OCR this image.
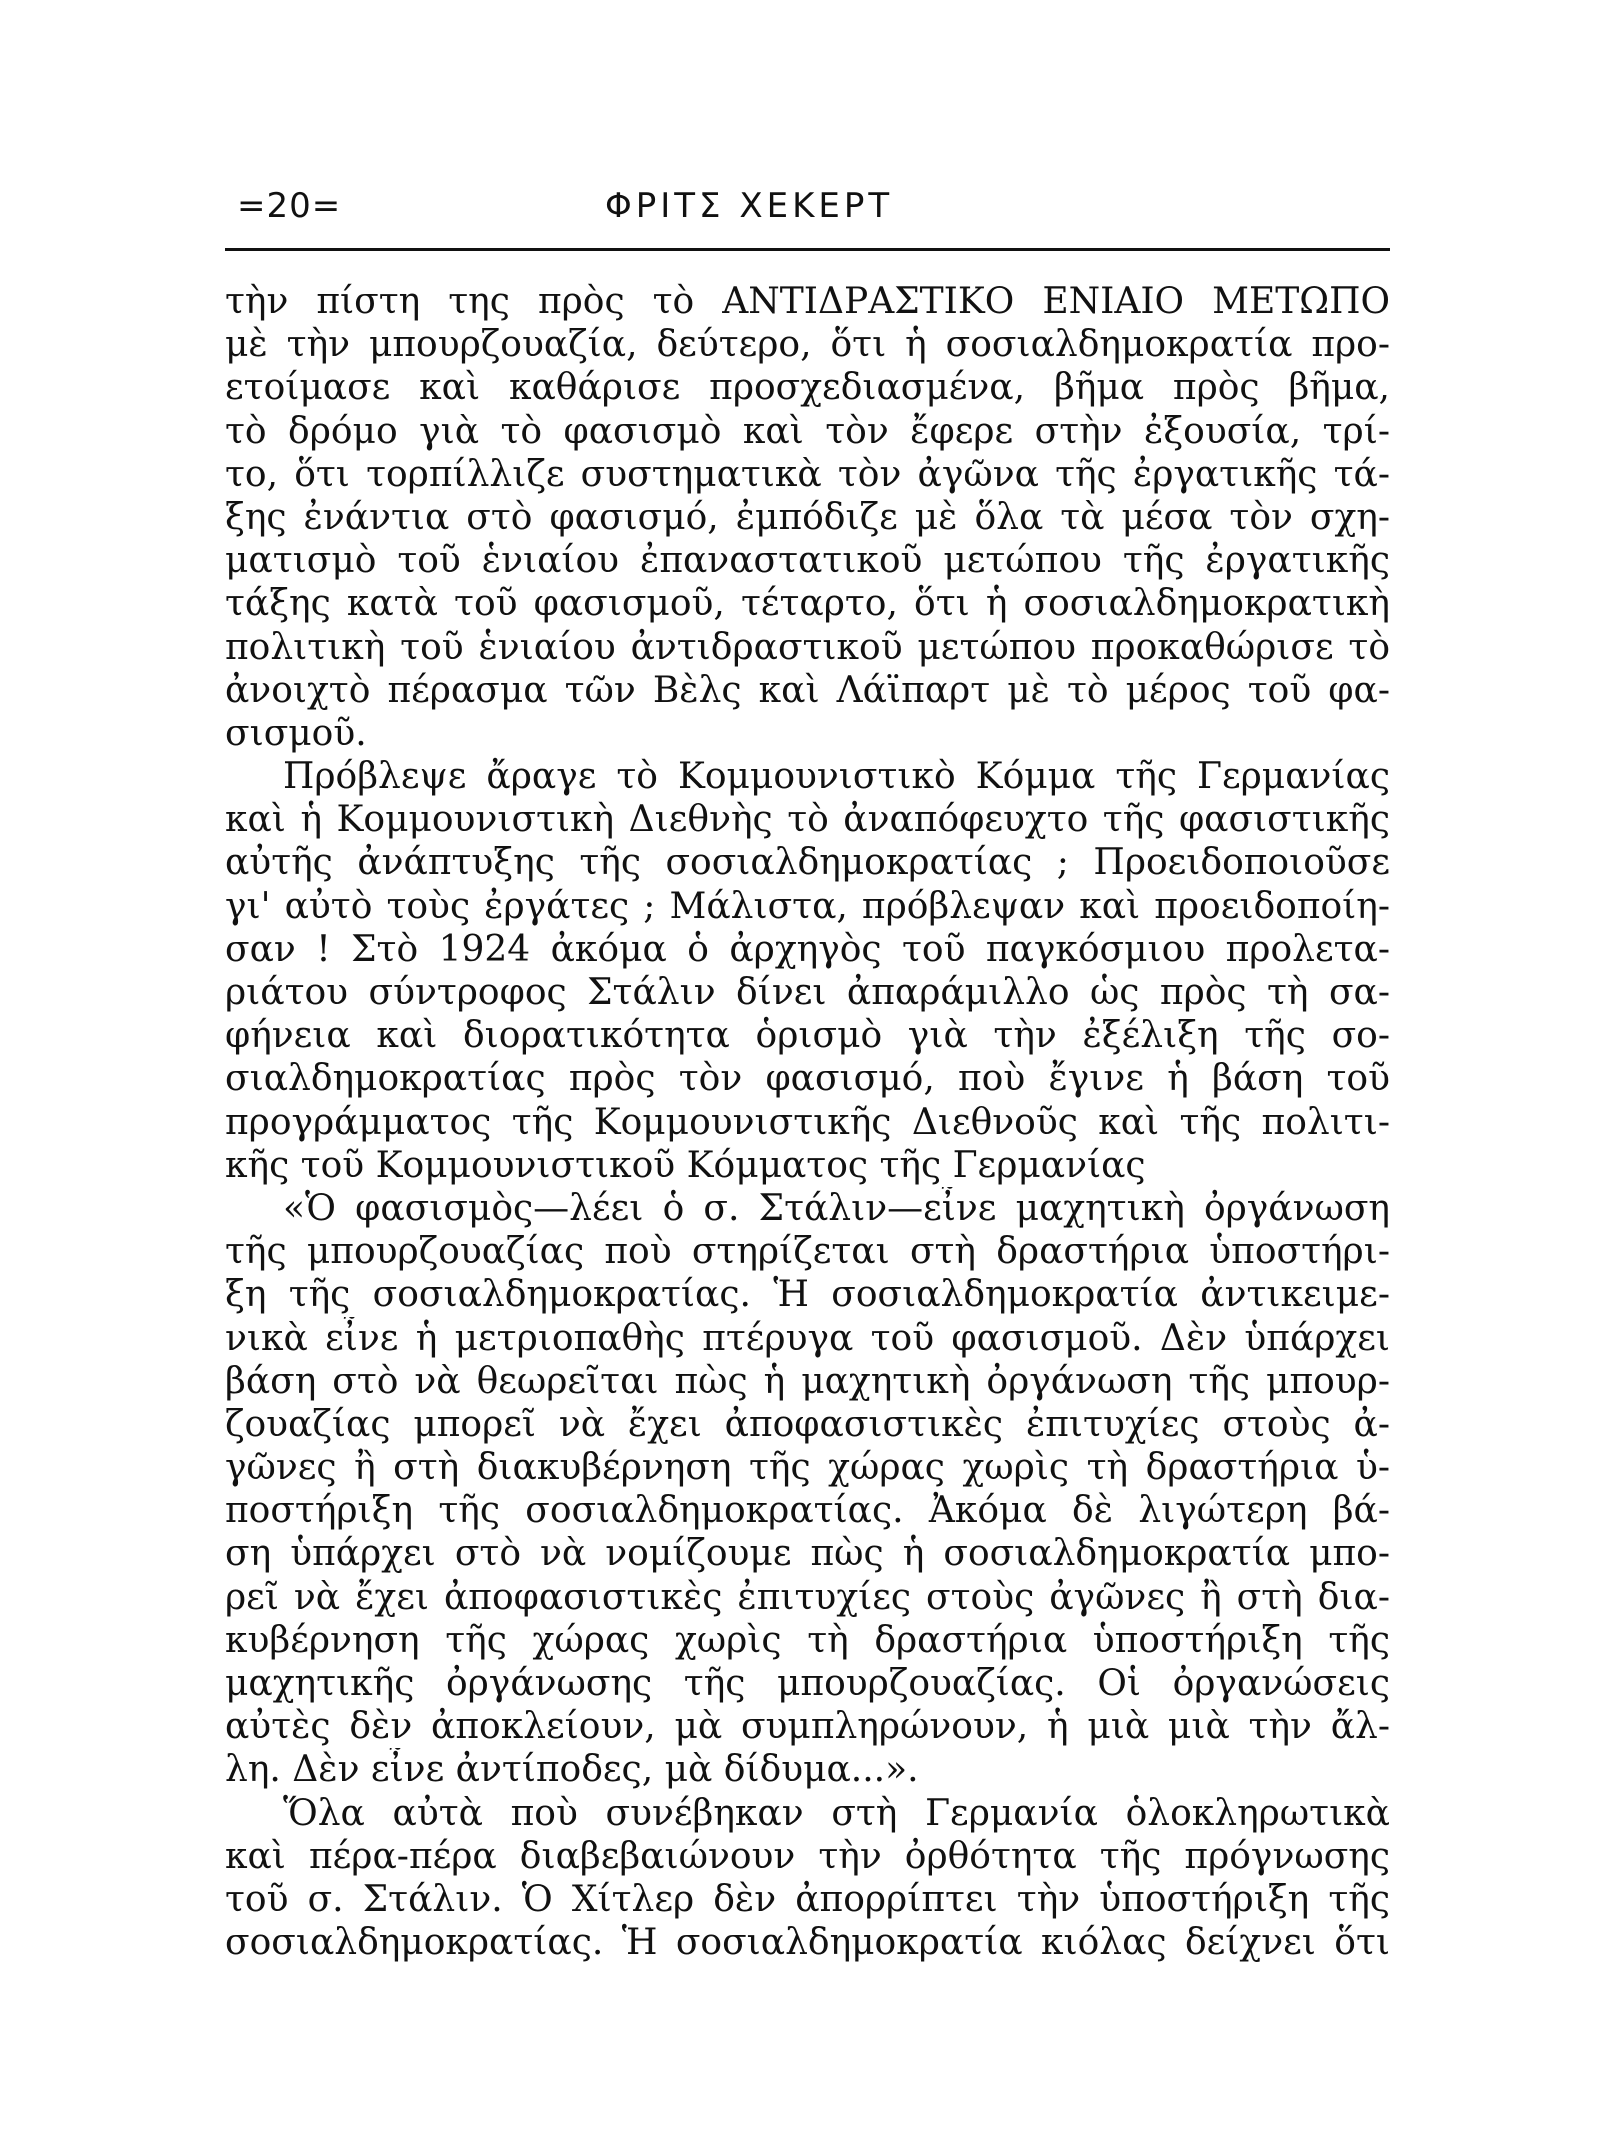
=20=	ΦΡΙΤΣ ΧΕΚΕΡΤ
τὴν πίστη της πρὸς τὸ ΑΝΤΙΔΡΑΣΤΙΚΟ ΕΝΙΑΙΟ ΜΕΤΩΠΟ
μὲ τὴν μπουρζουαζία, δεύτερο, ὅτι ἡ σοσιαλδημοκρατία προ-
ετοίμασε καὶ καθάρισε προσχεδιασμένα, βῆμα πρὸς βῆμα,
τὸ δρόμο γιὰ τὸ φασισμὸ καὶ τὸν ἔφερε στὴν ἐξουσία, τρί-
το, ὅτι τορπίλλιζε συστηματικὰ τὸν ἀγῶνα τῆς ἐργατικῆς τά-
ξης ἐνάντια στὸ φασισμό, ἐμπόδιζε μὲ ὅλα τὰ μέσα τὸν σχη-
ματισμὸ τοῦ ἑνιαίου ἐπαναστατικοῦ μετώπου τῆς ἐργατικῆς
τάξης κατὰ τοῦ φασισμοῦ, τέταρτο, ὅτι ἡ σοσιαλδημοκρατικὴ
πολιτικὴ τοῦ ἑνιαίου ἀντιδραστικοῦ μετώπου προκαθώρισε τὸ
ἀνοιχτὸ πέρασμα τῶν Βὲλς καὶ Λάϊπαρτ μὲ τὸ μέρος τοῦ φα-
σισμοῦ.
Πρόβλεψε ἄραγε τὸ Κομμουνιστικὸ Κόμμα τῆς Γερμανίας
καὶ ἡ Κομμουνιστικὴ Διεθνὴς τὸ ἀναπόφευχτο τῆς φασιστικῆς
αὐτῆς ἀνάπτυξης τῆς σοσιαλδημοκρατίας ; Προειδοποιοῦσε
γι' αὐτὸ τοὺς ἐργάτες ; Μάλιστα, πρόβλεψαν καὶ προειδοποίη-
σαν ! Στὸ 1924 ἀκόμα ὁ ἀρχηγὸς τοῦ παγκόσμιου προλετα-
ριάτου σύντροφος Στάλιν δίνει ἀπαράμιλλο ὡς πρὸς τὴ σα-
φήνεια καὶ διορατικότητα ὁρισμὸ γιὰ τὴν ἐξέλιξη τῆς σο-
σιαλδημοκρατίας πρὸς τὸν φασισμό, ποὺ ἔγινε ἡ βάση τοῦ
προγράμματος τῆς Κομμουνιστικῆς Διεθνοῦς καὶ τῆς πολιτι-
κῆς τοῦ Κομμουνιστικοῦ Κόμματος τῆς Γερμανίας
«Ὁ φασισμὸς—λέει ὁ σ. Στάλιν—εἶνε μαχητικὴ ὀργάνωση
τῆς μπουρζουαζίας ποὺ στηρίζεται στὴ δραστήρια ὑποστήρι-
ξη τῆς σοσιαλδημοκρατίας. Ἡ σοσιαλδημοκρατία ἀντικειμε-
νικὰ εἶνε ἡ μετριοπαθὴς πτέρυγα τοῦ φασισμοῦ. Δὲν ὑπάρχει
βάση στὸ νὰ θεωρεῖται πὼς ἡ μαχητικὴ ὀργάνωση τῆς μπουρ-
ζουαζίας μπορεῖ νὰ ἔχει ἀποφασιστικὲς ἐπιτυχίες στοὺς ἀ-
γῶνες ἢ στὴ διακυβέρνηση τῆς χώρας χωρὶς τὴ δραστήρια ὑ-
ποστήριξη τῆς σοσιαλδημοκρατίας. Ἀκόμα δὲ λιγώτερη βά-
ση ὑπάρχει στὸ νὰ νομίζουμε πὼς ἡ σοσιαλδημοκρατία μπο-
ρεῖ νὰ ἔχει ἀποφασιστικὲς ἐπιτυχίες στοὺς ἀγῶνες ἢ στὴ δια-
κυβέρνηση τῆς χώρας χωρὶς τὴ δραστήρια ὑποστήριξη τῆς
μαχητικῆς ὀργάνωσης τῆς μπουρζουαζίας. Οἱ ὀργανώσεις
αὐτὲς δὲν ἀποκλείουν, μὰ συμπληρώνουν, ἡ μιὰ μιὰ τὴν ἄλ-
λη. Δὲν εἶνε ἀντίποδες, μὰ δίδυμα...».
Ὅλα αὐτὰ ποὺ συνέβηκαν στὴ Γερμανία ὁλοκληρωτικὰ
καὶ πέρα-πέρα διαβεβαιώνουν τὴν ὀρθότητα τῆς πρόγνωσης
τοῦ σ. Στάλιν. Ὁ Χίτλερ δὲν ἀπορρίπτει τὴν ὑποστήριξη τῆς
σοσιαλδημοκρατίας. Ἡ σοσιαλδημοκρατία κιόλας δείχνει ὅτι
